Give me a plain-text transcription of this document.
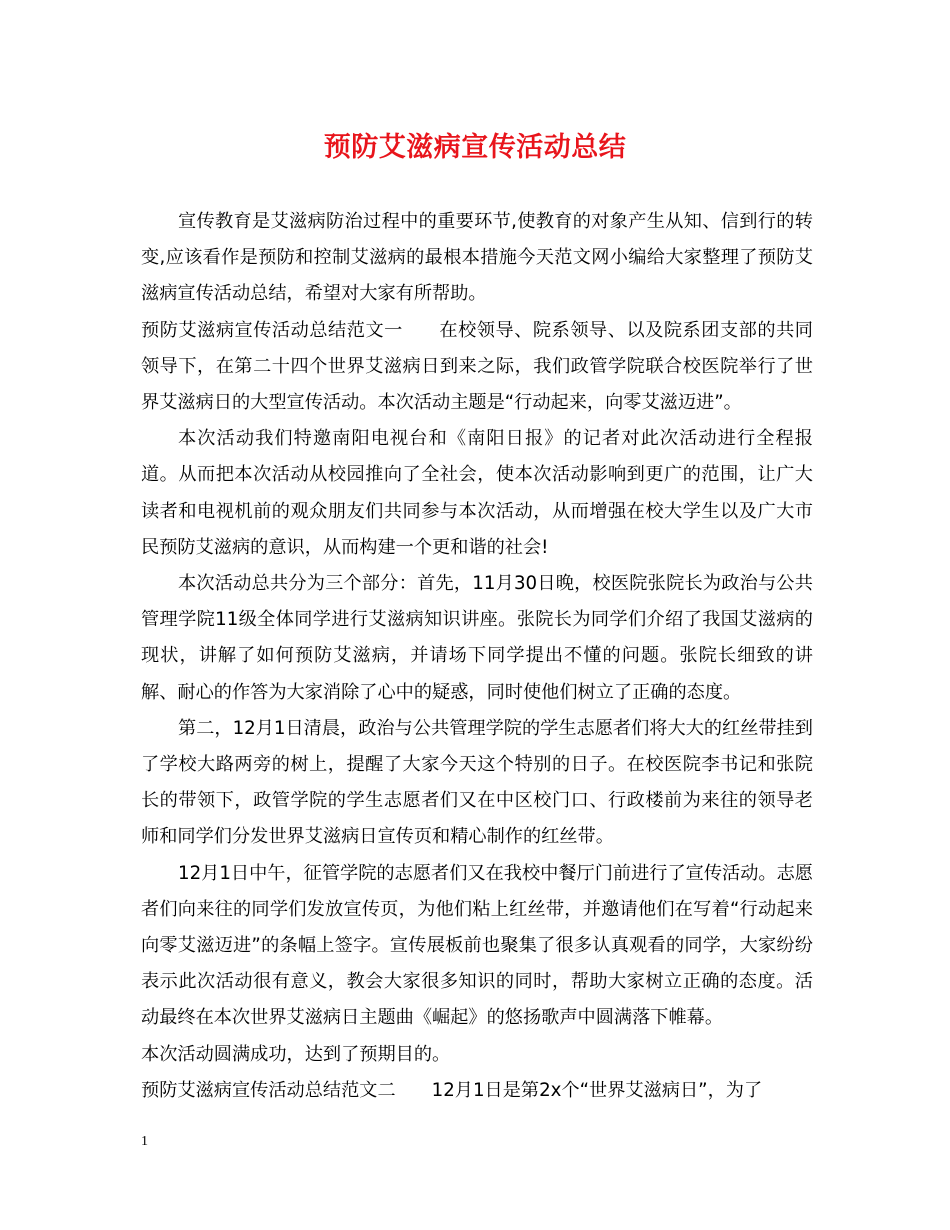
预防艾滋病宣传活动总结

宣传教育是艾滋病防治过程中的重要环节,使教育的对象产生从知、信到行的转变,应该看作是预防和控制艾滋病的最根本措施今天范文网小编给大家整理了预防艾滋病宣传活动总结，希望对大家有所帮助。

预防艾滋病宣传活动总结范文一 在校领导、院系领导、以及院系团支部的共同领导下，在第二十四个世界艾滋病日到来之际，我们政管学院联合校医院举行了世界艾滋病日的大型宣传活动。本次活动主题是“行动起来，向零艾滋迈进”。

本次活动我们特邀南阳电视台和《南阳日报》的记者对此次活动进行全程报道。从而把本次活动从校园推向了全社会，使本次活动影响到更广的范围，让广大读者和电视机前的观众朋友们共同参与本次活动，从而增强在校大学生以及广大市民预防艾滋病的意识，从而构建一个更和谐的社会!

本次活动总共分为三个部分：首先，11月30日晚，校医院张院长为政治与公共管理学院11级全体同学进行艾滋病知识讲座。张院长为同学们介绍了我国艾滋病的现状，讲解了如何预防艾滋病，并请场下同学提出不懂的问题。张院长细致的讲解、耐心的作答为大家消除了心中的疑惑，同时使他们树立了正确的态度。

第二，12月1日清晨，政治与公共管理学院的学生志愿者们将大大的红丝带挂到了学校大路两旁的树上，提醒了大家今天这个特别的日子。在校医院李书记和张院长的带领下，政管学院的学生志愿者们又在中区校门口、行政楼前为来往的领导老师和同学们分发世界艾滋病日宣传页和精心制作的红丝带。

12月1日中午，征管学院的志愿者们又在我校中餐厅门前进行了宣传活动。志愿者们向来往的同学们发放宣传页，为他们粘上红丝带，并邀请他们在写着“行动起来 向零艾滋迈进”的条幅上签字。宣传展板前也聚集了很多认真观看的同学，大家纷纷表示此次活动很有意义，教会大家很多知识的同时，帮助大家树立正确的态度。活动最终在本次世界艾滋病日主题曲《崛起》的悠扬歌声中圆满落下帷幕。

本次活动圆满成功，达到了预期目的。

预防艾滋病宣传活动总结范文二 12月1日是第2x个“世界艾滋病日”，为了

1
